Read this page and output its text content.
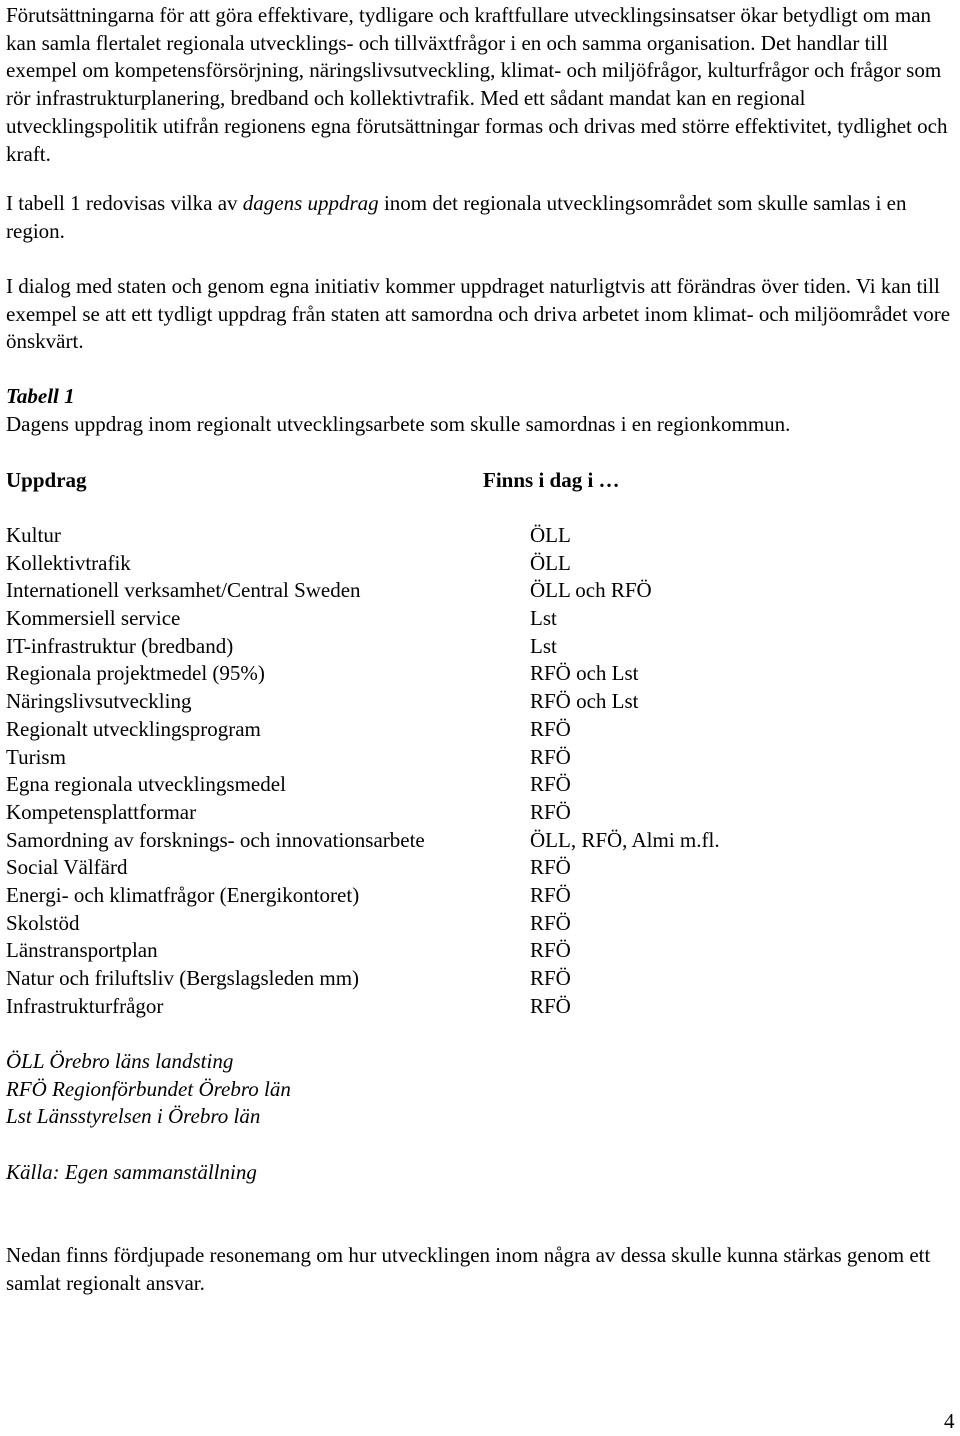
Förutsättningarna för att göra effektivare, tydligare och kraftfullare utvecklingsinsatser ökar betydligt om man kan samla flertalet regionala utvecklings- och tillväxtfrågor i en och samma organisation. Det handlar till exempel om kompetensförsörjning, näringslivsutveckling, klimat- och miljöfrågor, kulturfrågor och frågor som rör infrastrukturplanering, bredband och kollektivtrafik. Med ett sådant mandat kan en regional utvecklingspolitik utifrån regionens egna förutsättningar formas och drivas med större effektivitet, tydlighet och kraft.

I tabell 1 redovisas vilka av dagens uppdrag inom det regionala utvecklingsområdet som skulle samlas i en region.

I dialog med staten och genom egna initiativ kommer uppdraget naturligtvis att förändras över tiden. Vi kan till exempel se att ett tydligt uppdrag från staten att samordna och driva arbetet inom klimat- och miljöområdet vore önskvärt.

Tabell 1
Dagens uppdrag inom regionalt utvecklingsarbete som skulle samordnas i en regionkommun.
Uppdrag	Finns i dag i …
Kultur	ÖLL
Kollektivtrafik	ÖLL
Internationell verksamhet/Central Sweden	ÖLL och RFÖ
Kommersiell service	Lst
IT-infrastruktur (bredband)	Lst
Regionala projektmedel (95%)	RFÖ och Lst
Näringslivsutveckling	RFÖ och Lst
Regionalt utvecklingsprogram	RFÖ
Turism	RFÖ
Egna regionala utvecklingsmedel	RFÖ
Kompetensplattformar	RFÖ
Samordning av forsknings- och innovationsarbete	ÖLL, RFÖ, Almi m.fl.
Social Välfärd	RFÖ
Energi- och klimatfrågor (Energikontoret)	RFÖ
Skolstöd	RFÖ
Länstransportplan	RFÖ
Natur och friluftsliv (Bergslagsleden mm)	RFÖ
Infrastrukturfrågor	RFÖ
ÖLL Örebro läns landsting
RFÖ Regionförbundet Örebro län
Lst Länsstyrelsen i Örebro län
Källa: Egen sammanställning

Nedan finns fördjupade resonemang om hur utvecklingen inom några av dessa skulle kunna stärkas genom ett samlat regionalt ansvar.

4
